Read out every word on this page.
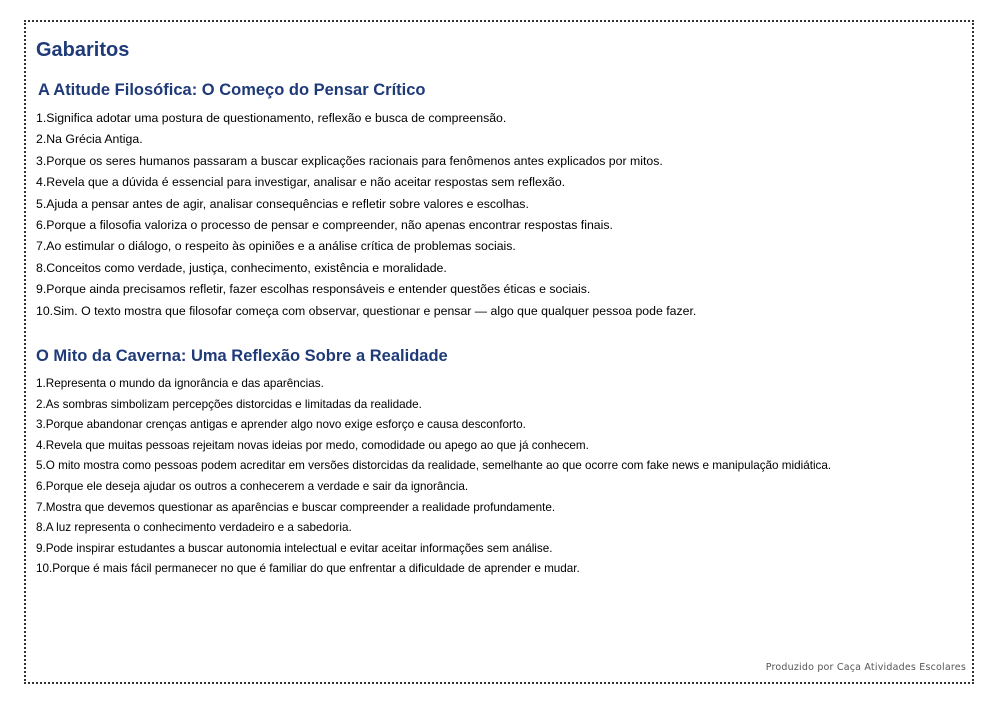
Gabaritos
A Atitude Filosófica: O Começo do Pensar Crítico
1.Significa adotar uma postura de questionamento, reflexão e busca de compreensão.
2.Na Grécia Antiga.
3.Porque os seres humanos passaram a buscar explicações racionais para fenômenos antes explicados por mitos.
4.Revela que a dúvida é essencial para investigar, analisar e não aceitar respostas sem reflexão.
5.Ajuda a pensar antes de agir, analisar consequências e refletir sobre valores e escolhas.
6.Porque a filosofia valoriza o processo de pensar e compreender, não apenas encontrar respostas finais.
7.Ao estimular o diálogo, o respeito às opiniões e a análise crítica de problemas sociais.
8.Conceitos como verdade, justiça, conhecimento, existência e moralidade.
9.Porque ainda precisamos refletir, fazer escolhas responsáveis e entender questões éticas e sociais.
10.Sim. O texto mostra que filosofar começa com observar, questionar e pensar — algo que qualquer pessoa pode fazer.
O Mito da Caverna: Uma Reflexão Sobre a Realidade
1.Representa o mundo da ignorância e das aparências.
2.As sombras simbolizam percepções distorcidas e limitadas da realidade.
3.Porque abandonar crenças antigas e aprender algo novo exige esforço e causa desconforto.
4.Revela que muitas pessoas rejeitam novas ideias por medo, comodidade ou apego ao que já conhecem.
5.O mito mostra como pessoas podem acreditar em versões distorcidas da realidade, semelhante ao que ocorre com fake news e manipulação midiática.
6.Porque ele deseja ajudar os outros a conhecerem a verdade e sair da ignorância.
7.Mostra que devemos questionar as aparências e buscar compreender a realidade profundamente.
8.A luz representa o conhecimento verdadeiro e a sabedoria.
9.Pode inspirar estudantes a buscar autonomia intelectual e evitar aceitar informações sem análise.
10.Porque é mais fácil permanecer no que é familiar do que enfrentar a dificuldade de aprender e mudar.
Produzido por Caça Atividades Escolares
